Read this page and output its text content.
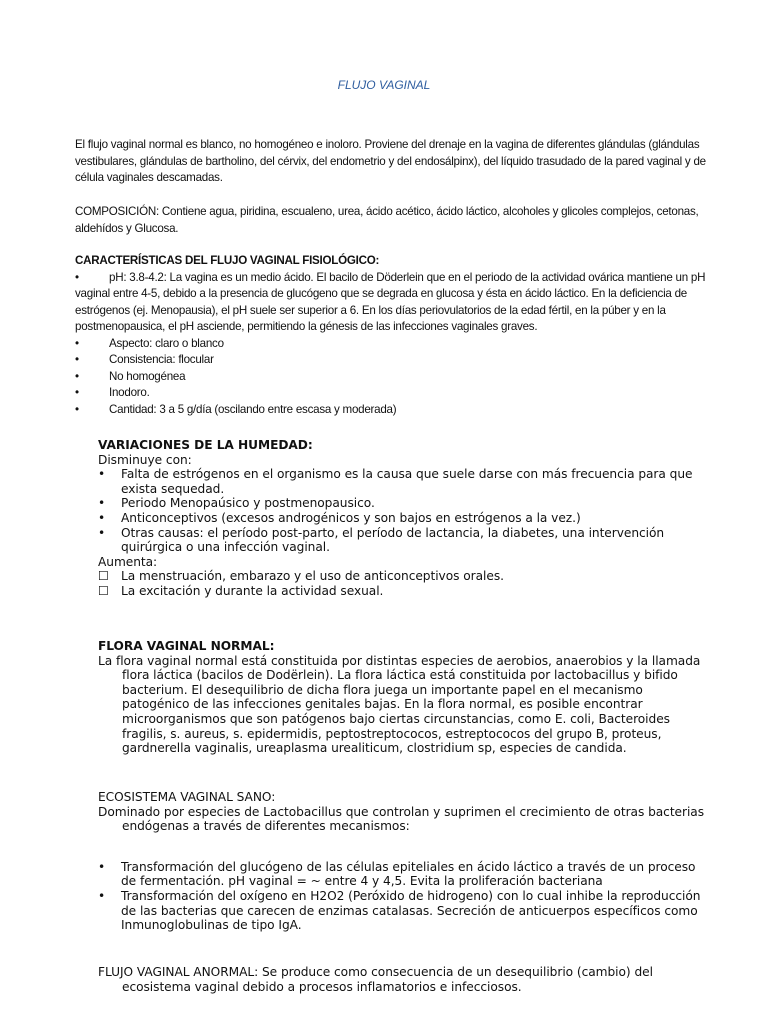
FLUJO VAGINAL

El flujo vaginal normal es blanco, no homogéneo e inoloro. Proviene del drenaje en la vagina de diferentes glándulas (glándulas vestibulares, glándulas de bartholino, del cérvix, del endometrio y del endosálpinx), del líquido trasudado de la pared vaginal y de célula vaginales descamadas.

COMPOSICIÓN: Contiene agua, piridina, escualeno, urea, ácido acético, ácido láctico, alcoholes y glicoles complejos, cetonas, aldehídos y Glucosa.

CARACTERÍSTICAS DEL FLUJO VAGINAL FISIOLÓGICO:

•	pH: 3.8-4.2: La vagina es un medio ácido. El bacilo de Döderlein que en el periodo de la actividad ovárica mantiene un pH vaginal entre 4-5, debido a la presencia de glucógeno que se degrada en glucosa y ésta en ácido láctico. En la deficiencia de estrógenos (ej. Menopausia), el pH suele ser superior a 6. En los días periovulatorios de la edad fértil, en la púber y en la postmenopausica, el pH asciende, permitiendo la génesis de las infecciones vaginales graves.

•	Aspecto: claro o blanco

•	Consistencia: flocular

•	No homogénea

•	Inodoro.

•	Cantidad: 3 a 5 g/día (oscilando entre escasa y moderada)

VARIACIONES DE LA HUMEDAD:

Disminuye con:

• Falta de estrógenos en el organismo es la causa que suele darse con más frecuencia para que exista sequedad.

• Periodo Menopaúsico y postmenopausico.

• Anticonceptivos (excesos androgénicos y son bajos en estrógenos a la vez.)

• Otras causas: el período post-parto, el período de lactancia, la diabetes, una intervención quirúrgica o una infección vaginal.

Aumenta:

☐ La menstruación, embarazo y el uso de anticonceptivos orales.

☐ La excitación y durante la actividad sexual.

FLORA VAGINAL NORMAL:

La flora vaginal normal está constituida por distintas especies de aerobios, anaerobios y la llamada flora láctica (bacilos de Dodërlein). La flora láctica está constituida por lactobacillus y bifido bacterium. El desequilibrio de dicha flora juega un importante papel en el mecanismo patogénico de las infecciones genitales bajas. En la flora normal, es posible encontrar microorganismos que son patógenos bajo ciertas circunstancias, como E. coli, Bacteroides fragilis, s. aureus, s. epidermidis, peptostreptococos, estreptococos del grupo B, proteus, gardnerella vaginalis, ureaplasma urealiticum, clostridium sp, especies de candida.

ECOSISTEMA VAGINAL SANO:

Dominado por especies de Lactobacillus que controlan y suprimen el crecimiento de otras bacterias endógenas a través de diferentes mecanismos:

• Transformación del glucógeno de las células epiteliales en ácido láctico a través de un proceso de fermentación. pH vaginal = ~ entre 4 y 4,5. Evita la proliferación bacteriana

• Transformación del oxígeno en H2O2 (Peróxido de hidrogeno) con lo cual inhibe la reproducción de las bacterias que carecen de enzimas catalasas. Secreción de anticuerpos específicos como Inmunoglobulinas de tipo IgA.

FLUJO VAGINAL ANORMAL: Se produce como consecuencia de un desequilibrio (cambio) del ecosistema vaginal debido a procesos inflamatorios e infecciosos.
